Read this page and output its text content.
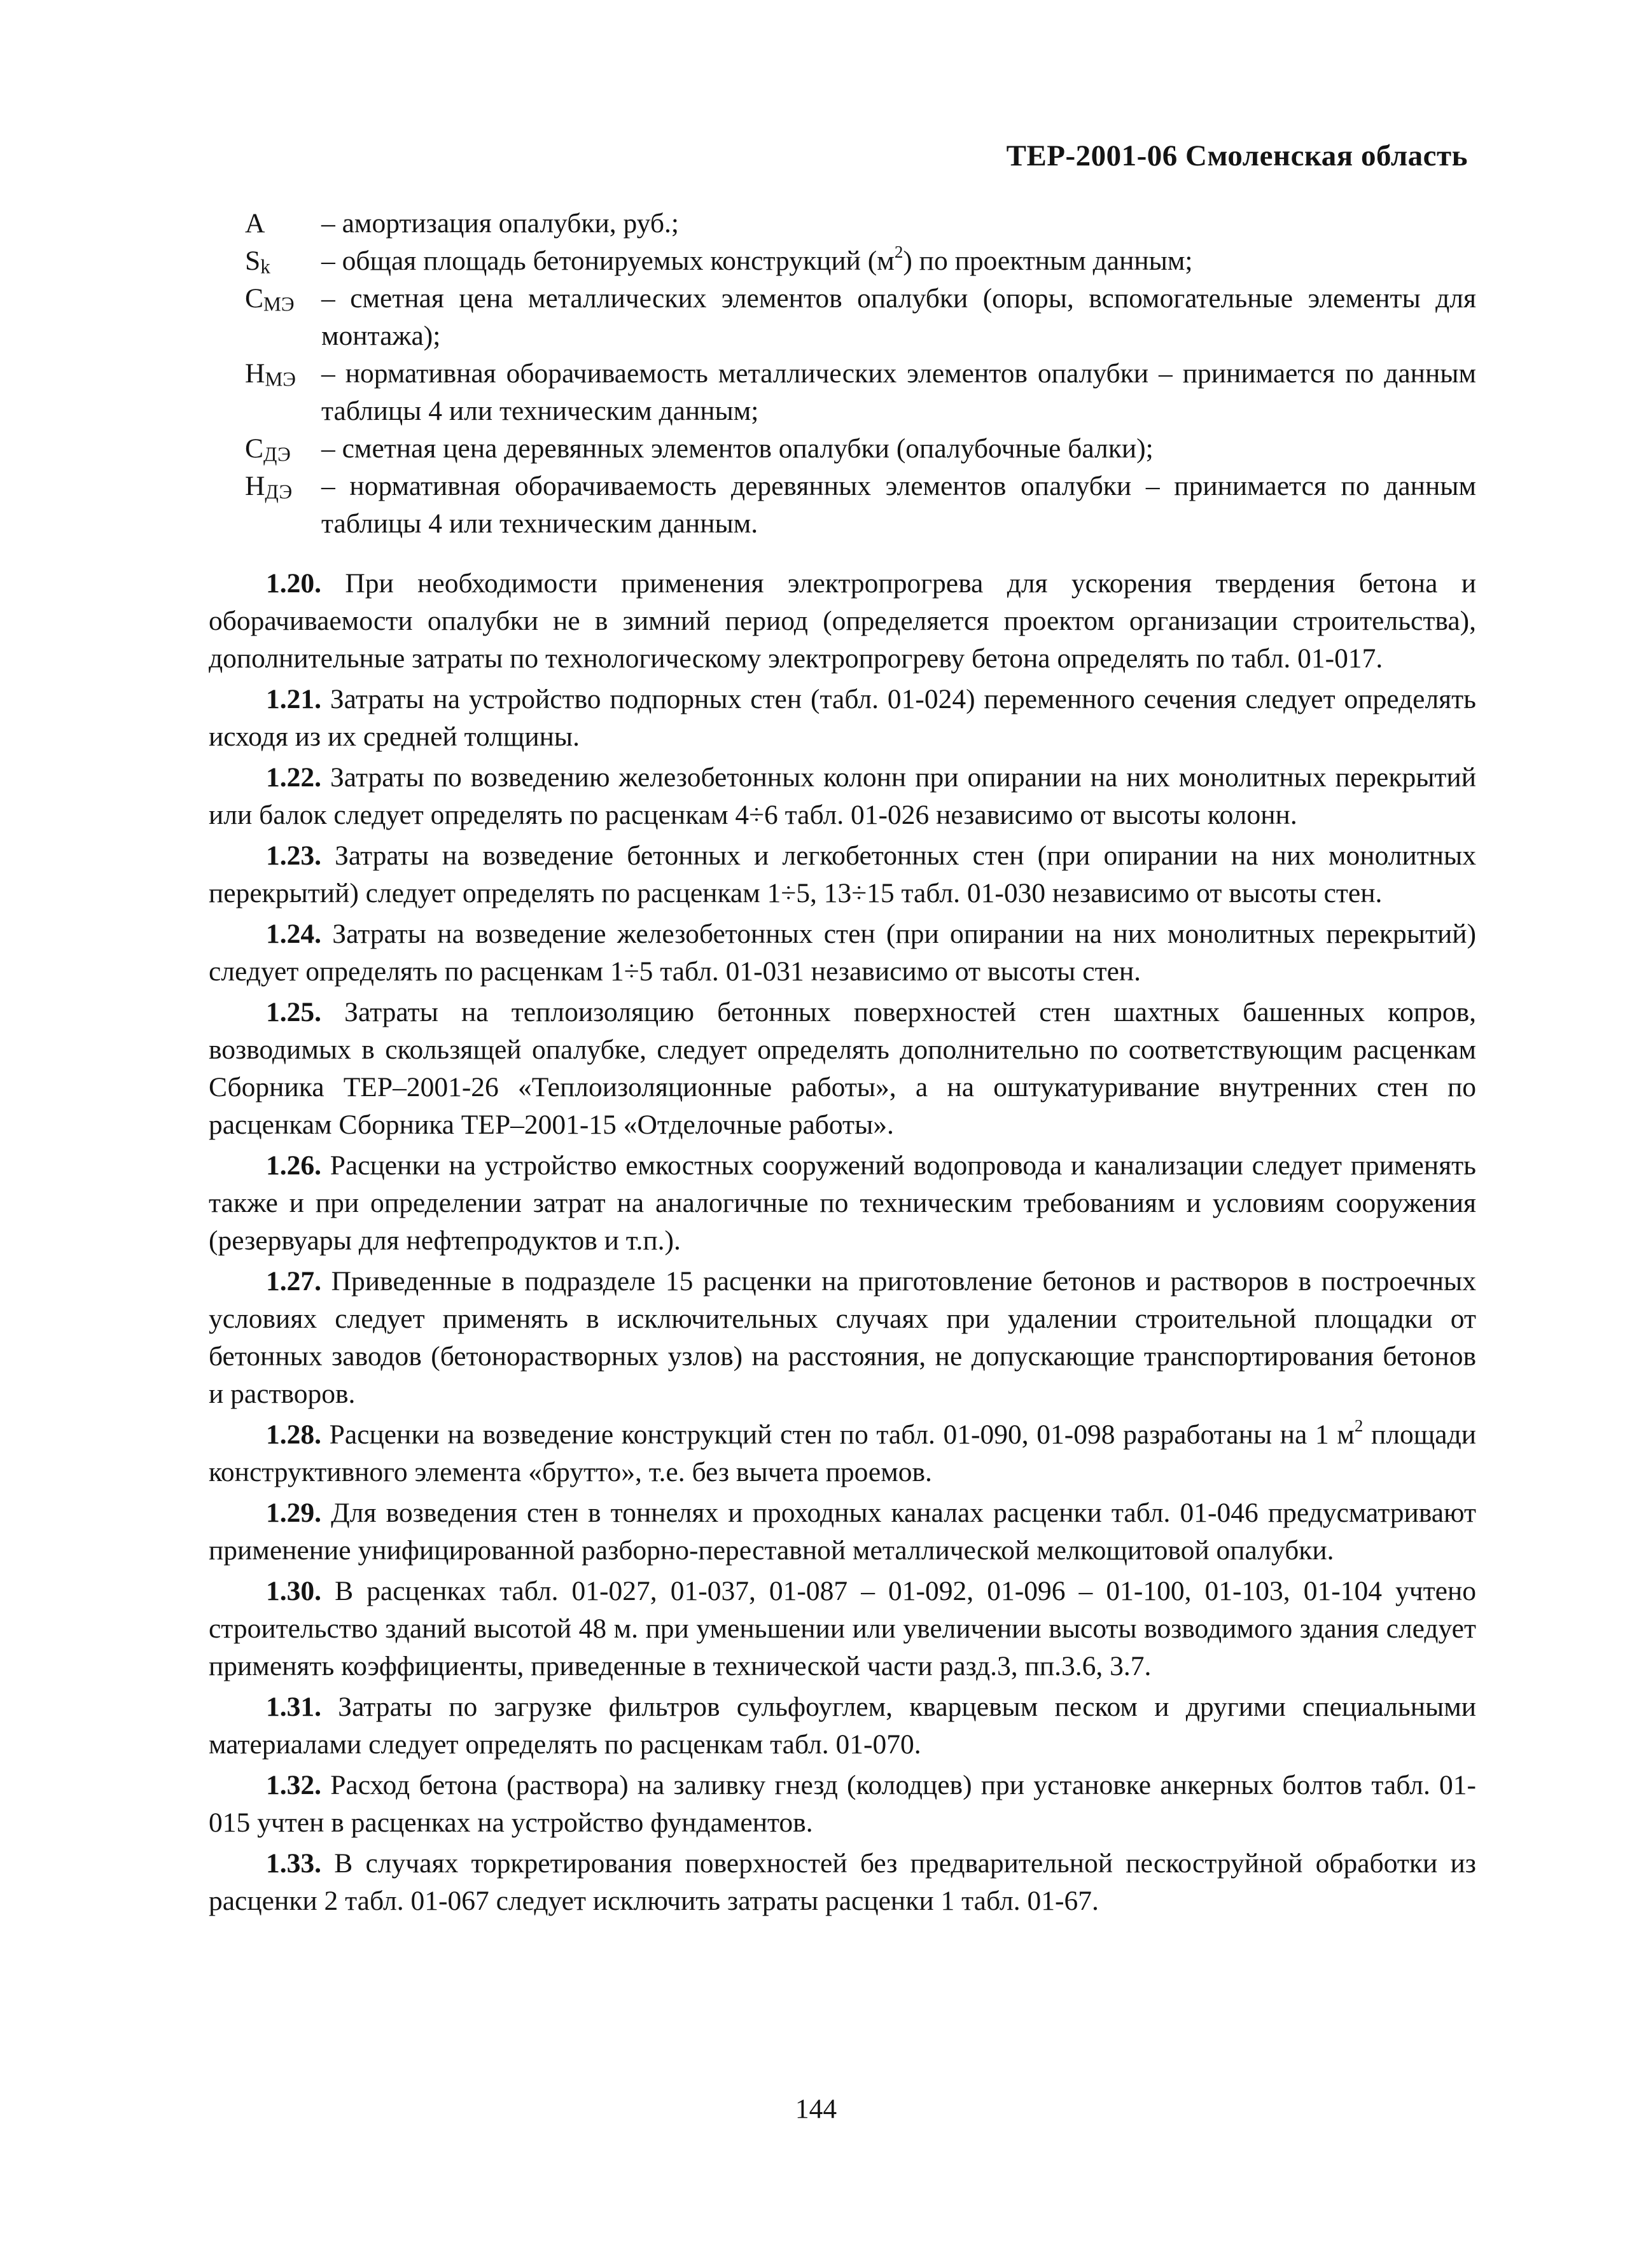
ТЕР-2001-06 Смоленская область
A	– амортизация опалубки, руб.;
$S_k$	– общая площадь бетонируемых конструкций $(м^2)$ по проектным данным;
$С_{МЭ}$ – сметная цена металлических элементов опалубки (опоры, вспомогательные элементы для монтажа);
$Н_{МЭ}$ – нормативная оборачиваемость металлических элементов опалубки – принимается по данным таблицы 4 или техническим данным;
$С_{ДЭ}$	– сметная цена деревянных элементов опалубки (опалубочные балки);
$Н_{ДЭ}$	– нормативная оборачиваемость деревянных элементов опалубки – принимается по данным таблицы 4 или техническим данным.

1.20. При необходимости применения электропрогрева для ускорения твердения бетона и оборачиваемости опалубки не в зимний период (определяется проектом организации строительства), дополнительные затраты по технологическому электропрогреву бетона определять по табл. 01-017.

1.21. Затраты на устройство подпорных стен (табл. 01-024) переменного сечения следует определять исходя из их средней толщины.

1.22. Затраты по возведению железобетонных колонн при опирании на них монолитных перекрытий или балок следует определять по расценкам 4÷6 табл. 01-026 независимо от высоты колонн.

1.23. Затраты на возведение бетонных и легкобетонных стен (при опирании на них монолитных перекрытий) следует определять по расценкам 1÷5, 13÷15 табл. 01-030 независимо от высоты стен.

1.24. Затраты на возведение железобетонных стен (при опирании на них монолитных перекрытий) следует определять по расценкам 1÷5 табл. 01-031 независимо от высоты стен.

1.25. Затраты на теплоизоляцию бетонных поверхностей стен шахтных башенных копров, возводимых в скользящей опалубке, следует определять дополнительно по соответствующим расценкам Сборника ТЕР–2001-26 «Теплоизоляционные работы», а на оштукатуривание внутренних стен по расценкам Сборника ТЕР–2001-15 «Отделочные работы».

1.26. Расценки на устройство емкостных сооружений водопровода и канализации следует применять также и при определении затрат на аналогичные по техническим требованиям и условиям сооружения (резервуары для нефтепродуктов и т.п.).

1.27. Приведенные в подразделе 15 расценки на приготовление бетонов и растворов в построечных условиях следует применять в исключительных случаях при удалении строительной площадки от бетонных заводов (бетонорастворных узлов) на расстояния, не допускающие транспортирования бетонов и растворов.

1.28. Расценки на возведение конструкций стен по табл. 01-090, 01-098 разработаны на 1 $м^2$ площади конструктивного элемента «брутто», т.е. без вычета проемов.

1.29. Для возведения стен в тоннелях и проходных каналах расценки табл. 01-046 предусматривают применение унифицированной разборно-переставной металлической мелкощитовой опалубки.

1.30. В расценках табл. 01-027, 01-037, 01-087 – 01-092, 01-096 – 01-100, 01-103, 01-104 учтено строительство зданий высотой 48 м. при уменьшении или увеличении высоты возводимого здания следует применять коэффициенты, приведенные в технической части разд.3, пп.3.6, 3.7.

1.31. Затраты по загрузке фильтров сульфоуглем, кварцевым песком и другими специальными материалами следует определять по расценкам табл. 01-070.

1.32. Расход бетона (раствора) на заливку гнезд (колодцев) при установке анкерных болтов табл. 01-015 учтен в расценках на устройство фундаментов.

1.33. В случаях торкретирования поверхностей без предварительной пескоструйной обработки из расценки 2 табл. 01-067 следует исключить затраты расценки 1 табл. 01-67.

144
